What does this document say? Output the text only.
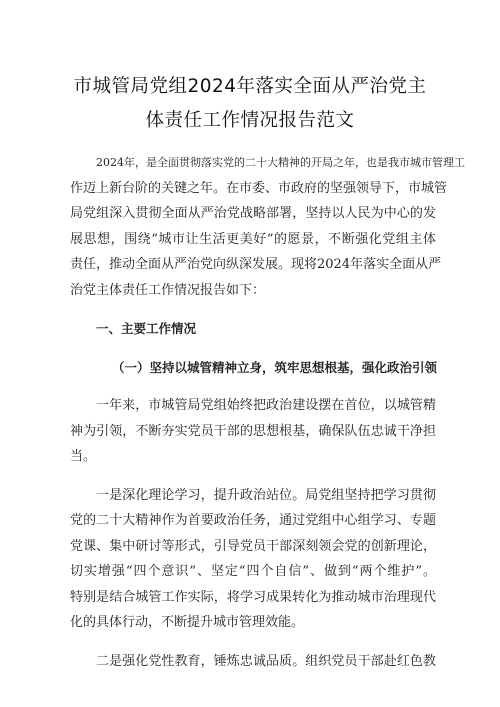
市城管局党组2024年落实全面从严治党主
体责任工作情况报告范文

2024年，是全面贯彻落实党的二十大精神的开局之年，也是我市城市管理工
作迈上新台阶的关键之年。在市委、市政府的坚强领导下，市城管
局党组深入贯彻全面从严治党战略部署，坚持以人民为中心的发
展思想，围绕“城市让生活更美好”的愿景，不断强化党组主体
责任，推动全面从严治党向纵深发展。现将2024年落实全面从严
治党主体责任工作情况报告如下：

一、主要工作情况
（一）坚持以城管精神立身，筑牢思想根基，强化政治引领

一年来，市城管局党组始终把政治建设摆在首位，以城管精
神为引领，不断夯实党员干部的思想根基，确保队伍忠诚干净担
当。

一是深化理论学习，提升政治站位。局党组坚持把学习贯彻
党的二十大精神作为首要政治任务，通过党组中心组学习、专题
党课、集中研讨等形式，引导党员干部深刻领会党的创新理论，
切实增强“四个意识”、坚定“四个自信”、做到“两个维护”。
特别是结合城管工作实际，将学习成果转化为推动城市治理现代
化的具体行动，不断提升城市管理效能。

二是强化党性教育，锤炼忠诚品质。组织党员干部赴红色教
